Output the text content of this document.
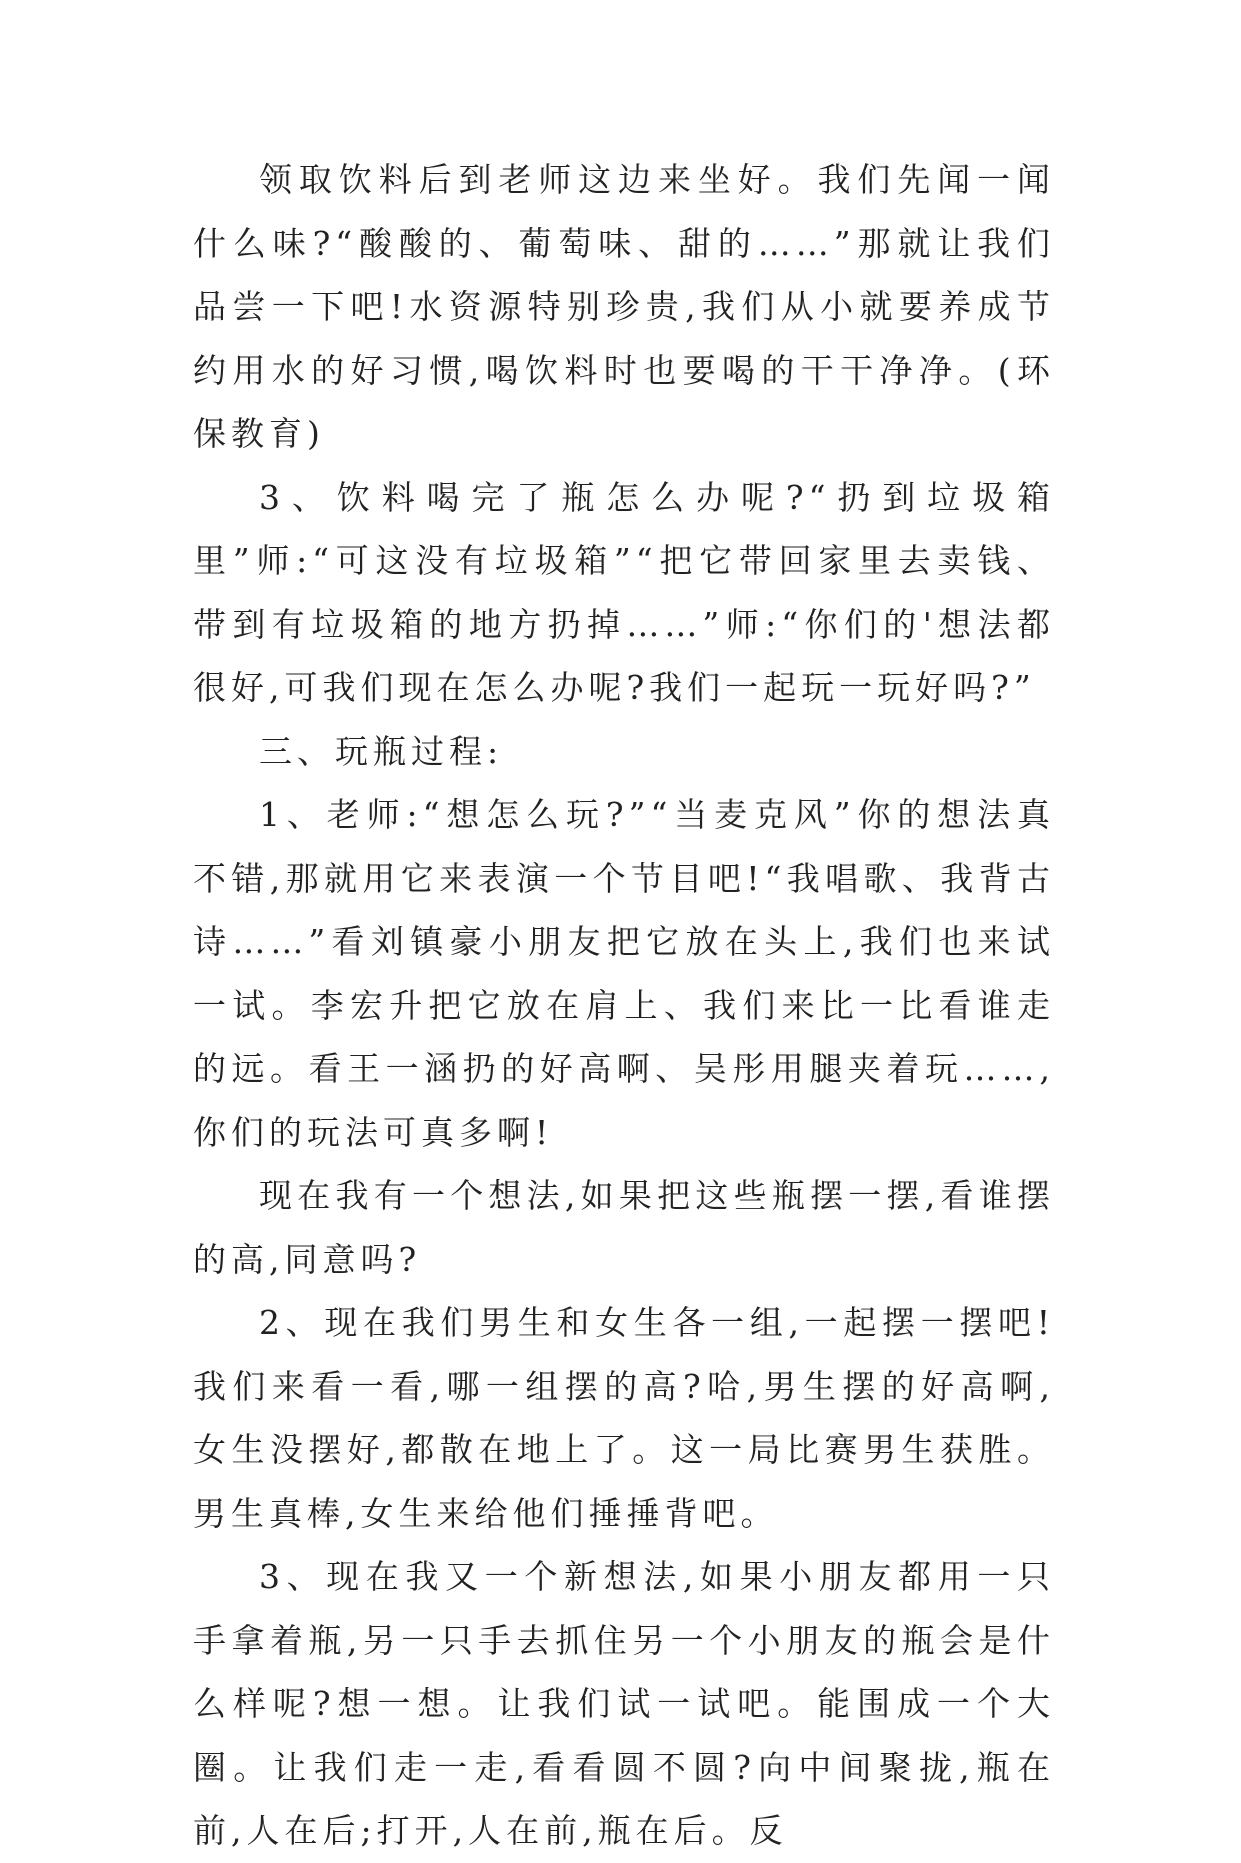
领取饮料后到老师这边来坐好。我们先闻一闻什么味?“酸酸的、葡萄味、甜的……”那就让我们品尝一下吧!水资源特别珍贵,我们从小就要养成节约用水的好习惯,喝饮料时也要喝的干干净净。(环保教育)

3、饮料喝完了瓶怎么办呢?“扔到垃圾箱里”师:“可这没有垃圾箱”“把它带回家里去卖钱、带到有垃圾箱的地方扔掉……”师:“你们的'想法都很好,可我们现在怎么办呢?我们一起玩一玩好吗?”

三、玩瓶过程:

1、老师:“想怎么玩?”“当麦克风”你的想法真不错,那就用它来表演一个节目吧!“我唱歌、我背古诗……”看刘镇豪小朋友把它放在头上,我们也来试一试。李宏升把它放在肩上、我们来比一比看谁走的远。看王一涵扔的好高啊、吴彤用腿夹着玩……,你们的玩法可真多啊!

现在我有一个想法,如果把这些瓶摆一摆,看谁摆的高,同意吗?

2、现在我们男生和女生各一组,一起摆一摆吧!我们来看一看,哪一组摆的高?哈,男生摆的好高啊,女生没摆好,都散在地上了。这一局比赛男生获胜。男生真棒,女生来给他们捶捶背吧。

3、现在我又一个新想法,如果小朋友都用一只手拿着瓶,另一只手去抓住另一个小朋友的瓶会是什么样呢?想一想。让我们试一试吧。能围成一个大圈。让我们走一走,看看圆不圆?向中间聚拢,瓶在前,人在后;打开,人在前,瓶在后。反
